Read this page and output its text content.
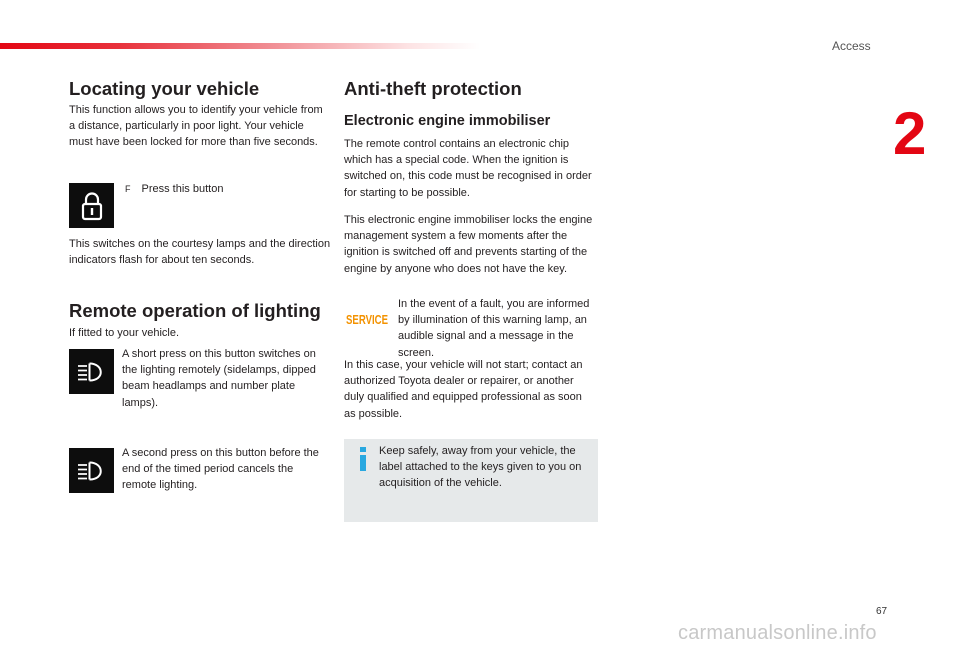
Access
2
Locating your vehicle

This function allows you to identify your vehicle from a distance, particularly in poor light. Your vehicle must have been locked for more than five seconds.

F Press this button

This switches on the courtesy lamps and the direction indicators flash for about ten seconds.

Remote operation of lighting

If fitted to your vehicle.

A short press on this button switches on the lighting remotely (sidelamps, dipped beam headlamps and number plate lamps).

A second press on this button before the end of the timed period cancels the remote lighting.

Anti-theft protection
Electronic engine immobiliser

The remote control contains an electronic chip which has a special code. When the ignition is switched on, this code must be recognised in order for starting to be possible.

This electronic engine immobiliser locks the engine management system a few moments after the ignition is switched off and prevents starting of the engine by anyone who does not have the key.

SERVICE

In the event of a fault, you are informed by illumination of this warning lamp, an audible signal and a message in the screen.

In this case, your vehicle will not start; contact an authorized Toyota dealer or repairer, or another duly qualified and equipped professional as soon as possible.

Keep safely, away from your vehicle, the label attached to the keys given to you on acquisition of the vehicle.

67
carmanualsonline.info
